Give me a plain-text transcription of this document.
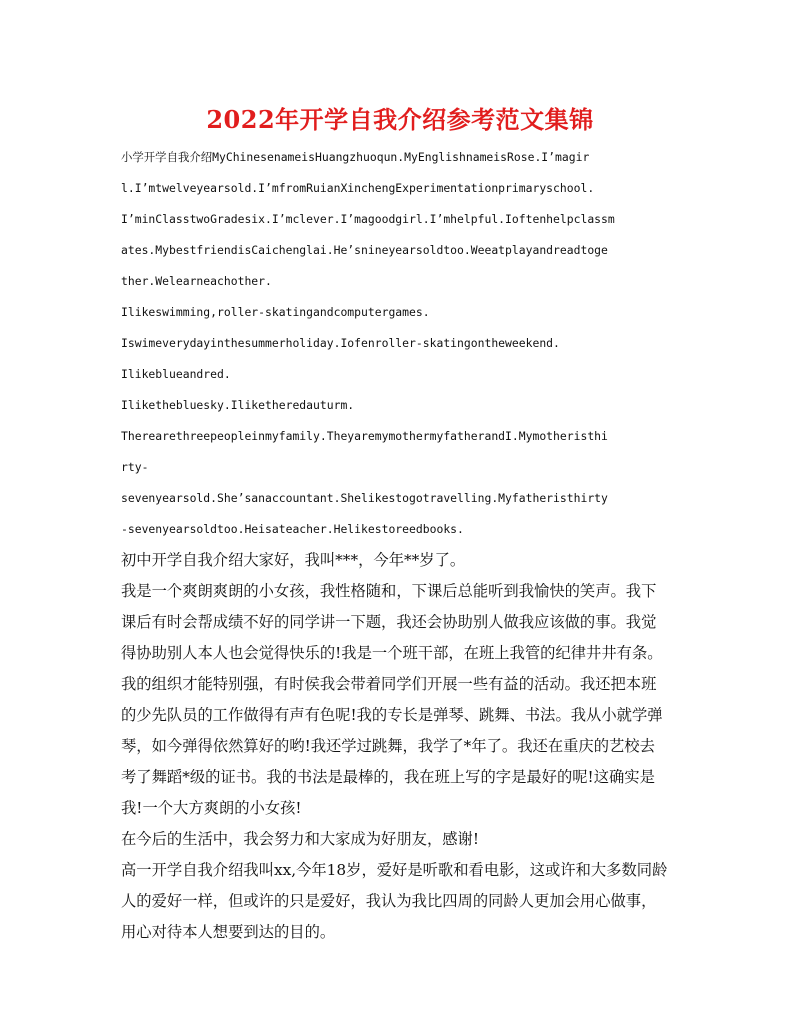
2022年开学自我介绍参考范文集锦
小学开学自我介绍MyChinesenameisHuangzhuoqun.MyEnglishnameisRose.I’magir
l.I’mtwelveyearsold.I’mfromRuianXinchengExperimentationprimaryschool.
I’minClasstwoGradesix.I’mclever.I’magoodgirl.I’mhelpful.Ioftenhelpclassm
ates.MybestfriendisCaichenglai.He’snineyearsoldtoo.Weeatplayandreadtoge
ther.Welearneachother.
Ilikeswimming,roller-skatingandcomputergames.
Iswimeverydayinthesummerholiday.Iofenroller-skatingontheweekend.
Ilikeblueandred.
Ilikethebluesky.Iliketheredauturm.
Therearethreepeopleinmyfamily.TheyaremymothermyfatherandI.Mymotheristhi
rty-
sevenyearsold.She’sanaccountant.Shelikestogotravelling.Myfatheristhirty
-sevenyearsoldtoo.Heisateacher.Helikestoreedbooks.
初中开学自我介绍大家好，我叫***，今年**岁了。
我是一个爽朗爽朗的小女孩，我性格随和，下课后总能听到我愉快的笑声。我下
课后有时会帮成绩不好的同学讲一下题，我还会协助别人做我应该做的事。我觉
得协助别人本人也会觉得快乐的!我是一个班干部，在班上我管的纪律井井有条。
我的组织才能特别强，有时侯我会带着同学们开展一些有益的活动。我还把本班
的少先队员的工作做得有声有色呢!我的专长是弹琴、跳舞、书法。我从小就学弹
琴，如今弹得依然算好的哟!我还学过跳舞，我学了*年了。我还在重庆的艺校去
考了舞蹈*级的证书。我的书法是最棒的，我在班上写的字是最好的呢!这确实是
我!一个大方爽朗的小女孩!
在今后的生活中，我会努力和大家成为好朋友，感谢!
高一开学自我介绍我叫xx,今年18岁，爱好是听歌和看电影，这或许和大多数同龄
人的爱好一样，但或许的只是爱好，我认为我比四周的同龄人更加会用心做事，
用心对待本人想要到达的目的。
